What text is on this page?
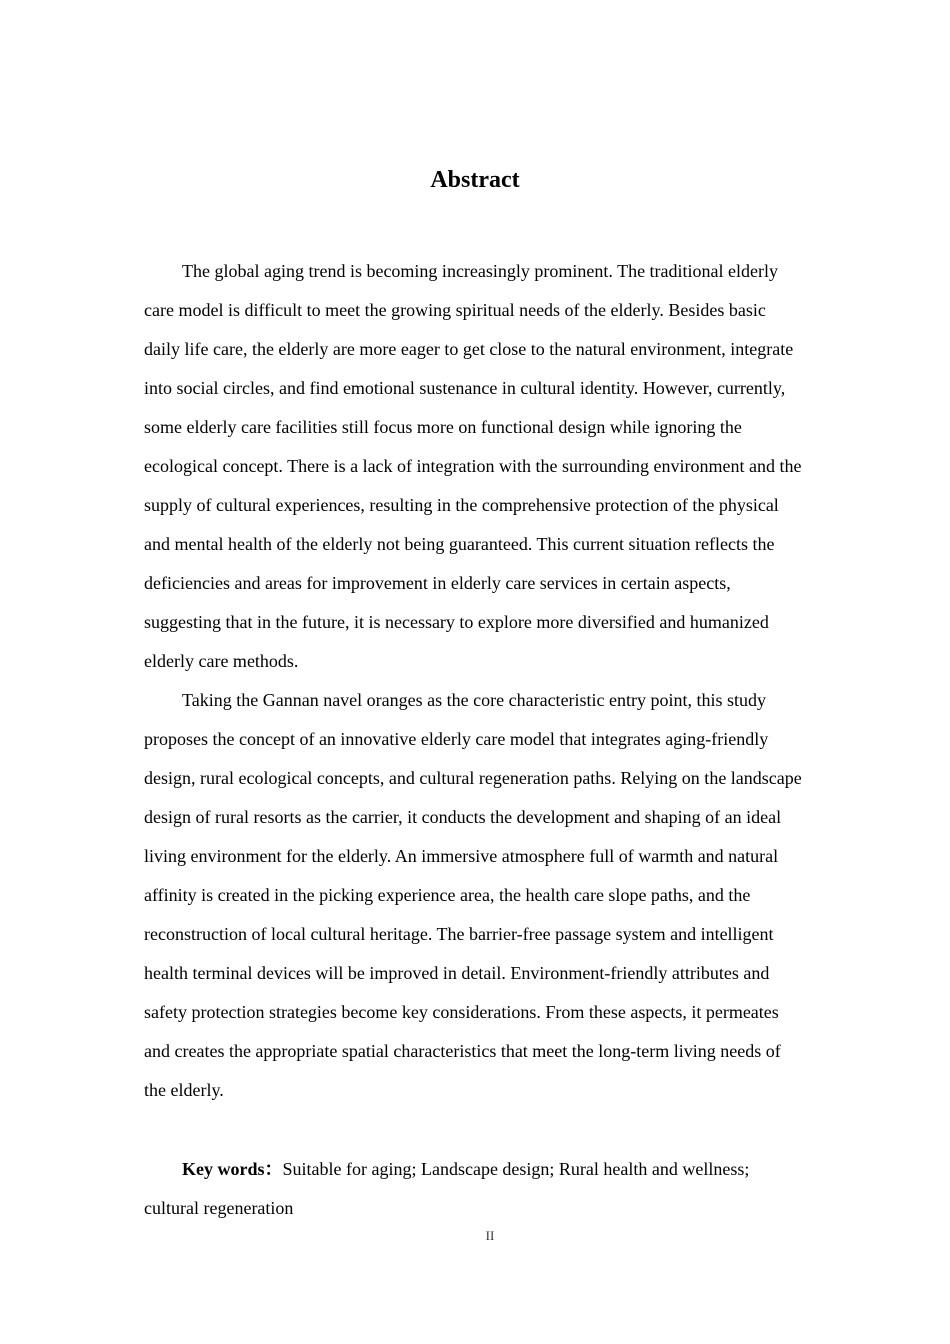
Abstract

The global aging trend is becoming increasingly prominent. The traditional elderly care model is difficult to meet the growing spiritual needs of the elderly. Besides basic daily life care, the elderly are more eager to get close to the natural environment, integrate into social circles, and find emotional sustenance in cultural identity. However, currently, some elderly care facilities still focus more on functional design while ignoring the ecological concept. There is a lack of integration with the surrounding environment and the supply of cultural experiences, resulting in the comprehensive protection of the physical and mental health of the elderly not being guaranteed. This current situation reflects the deficiencies and areas for improvement in elderly care services in certain aspects, suggesting that in the future, it is necessary to explore more diversified and humanized elderly care methods.

Taking the Gannan navel oranges as the core characteristic entry point, this study proposes the concept of an innovative elderly care model that integrates aging-friendly design, rural ecological concepts, and cultural regeneration paths. Relying on the landscape design of rural resorts as the carrier, it conducts the development and shaping of an ideal living environment for the elderly. An immersive atmosphere full of warmth and natural affinity is created in the picking experience area, the health care slope paths, and the reconstruction of local cultural heritage. The barrier-free passage system and intelligent health terminal devices will be improved in detail. Environment-friendly attributes and safety protection strategies become key considerations. From these aspects, it permeates and creates the appropriate spatial characteristics that meet the long-term living needs of the elderly.

Key words：Suitable for aging; Landscape design; Rural health and wellness; cultural regeneration

II
